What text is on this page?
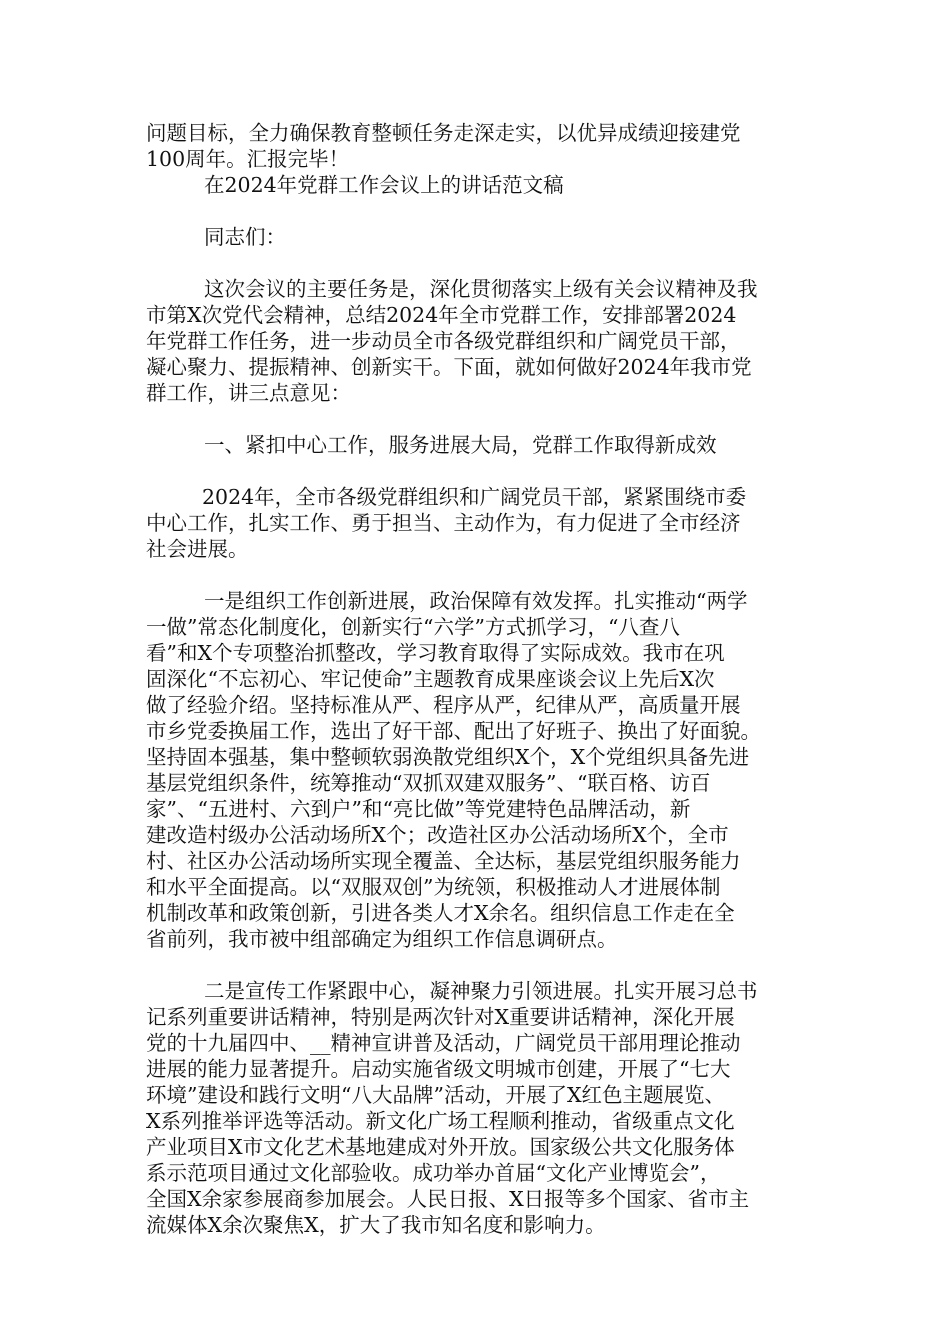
问题目标，全力确保教育整顿任务走深走实，以优异成绩迎接建党
100周年。汇报完毕！
在2024年党群工作会议上的讲话范文稿
同志们：
这次会议的主要任务是，深化贯彻落实上级有关会议精神及我
市第X次党代会精神，总结2024年全市党群工作，安排部署2024
年党群工作任务，进一步动员全市各级党群组织和广阔党员干部，
凝心聚力、提振精神、创新实干。下面，就如何做好2024年我市党
群工作，讲三点意见：
一、紧扣中心工作，服务进展大局，党群工作取得新成效
2024年，全市各级党群组织和广阔党员干部，紧紧围绕市委
中心工作，扎实工作、勇于担当、主动作为，有力促进了全市经济
社会进展。
一是组织工作创新进展，政治保障有效发挥。扎实推动“两学
一做”常态化制度化，创新实行“六学”方式抓学习，“八查八
看”和X个专项整治抓整改，学习教育取得了实际成效。我市在巩
固深化“不忘初心、牢记使命”主题教育成果座谈会议上先后X次
做了经验介绍。坚持标准从严、程序从严，纪律从严，高质量开展
市乡党委换届工作，选出了好干部、配出了好班子、换出了好面貌。
坚持固本强基，集中整顿软弱涣散党组织X个，X个党组织具备先进
基层党组织条件，统筹推动“双抓双建双服务”、“联百格、访百
家”、“五进村、六到户”和“亮比做”等党建特色品牌活动，新
建改造村级办公活动场所X个；改造社区办公活动场所X个，全市
村、社区办公活动场所实现全覆盖、全达标，基层党组织服务能力
和水平全面提高。以“双服双创”为统领，积极推动人才进展体制
机制改革和政策创新，引进各类人才X余名。组织信息工作走在全
省前列，我市被中组部确定为组织工作信息调研点。
二是宣传工作紧跟中心，凝神聚力引领进展。扎实开展习总书
记系列重要讲话精神，特别是两次针对X重要讲话精神，深化开展
党的十九届四中、__精神宣讲普及活动，广阔党员干部用理论推动
进展的能力显著提升。启动实施省级文明城市创建，开展了“七大
环境”建设和践行文明“八大品牌”活动，开展了X红色主题展览、
X系列推举评选等活动。新文化广场工程顺利推动，省级重点文化
产业项目X市文化艺术基地建成对外开放。国家级公共文化服务体
系示范项目通过文化部验收。成功举办首届“文化产业博览会”，
全国X余家参展商参加展会。人民日报、X日报等多个国家、省市主
流媒体X余次聚焦X，扩大了我市知名度和影响力。
